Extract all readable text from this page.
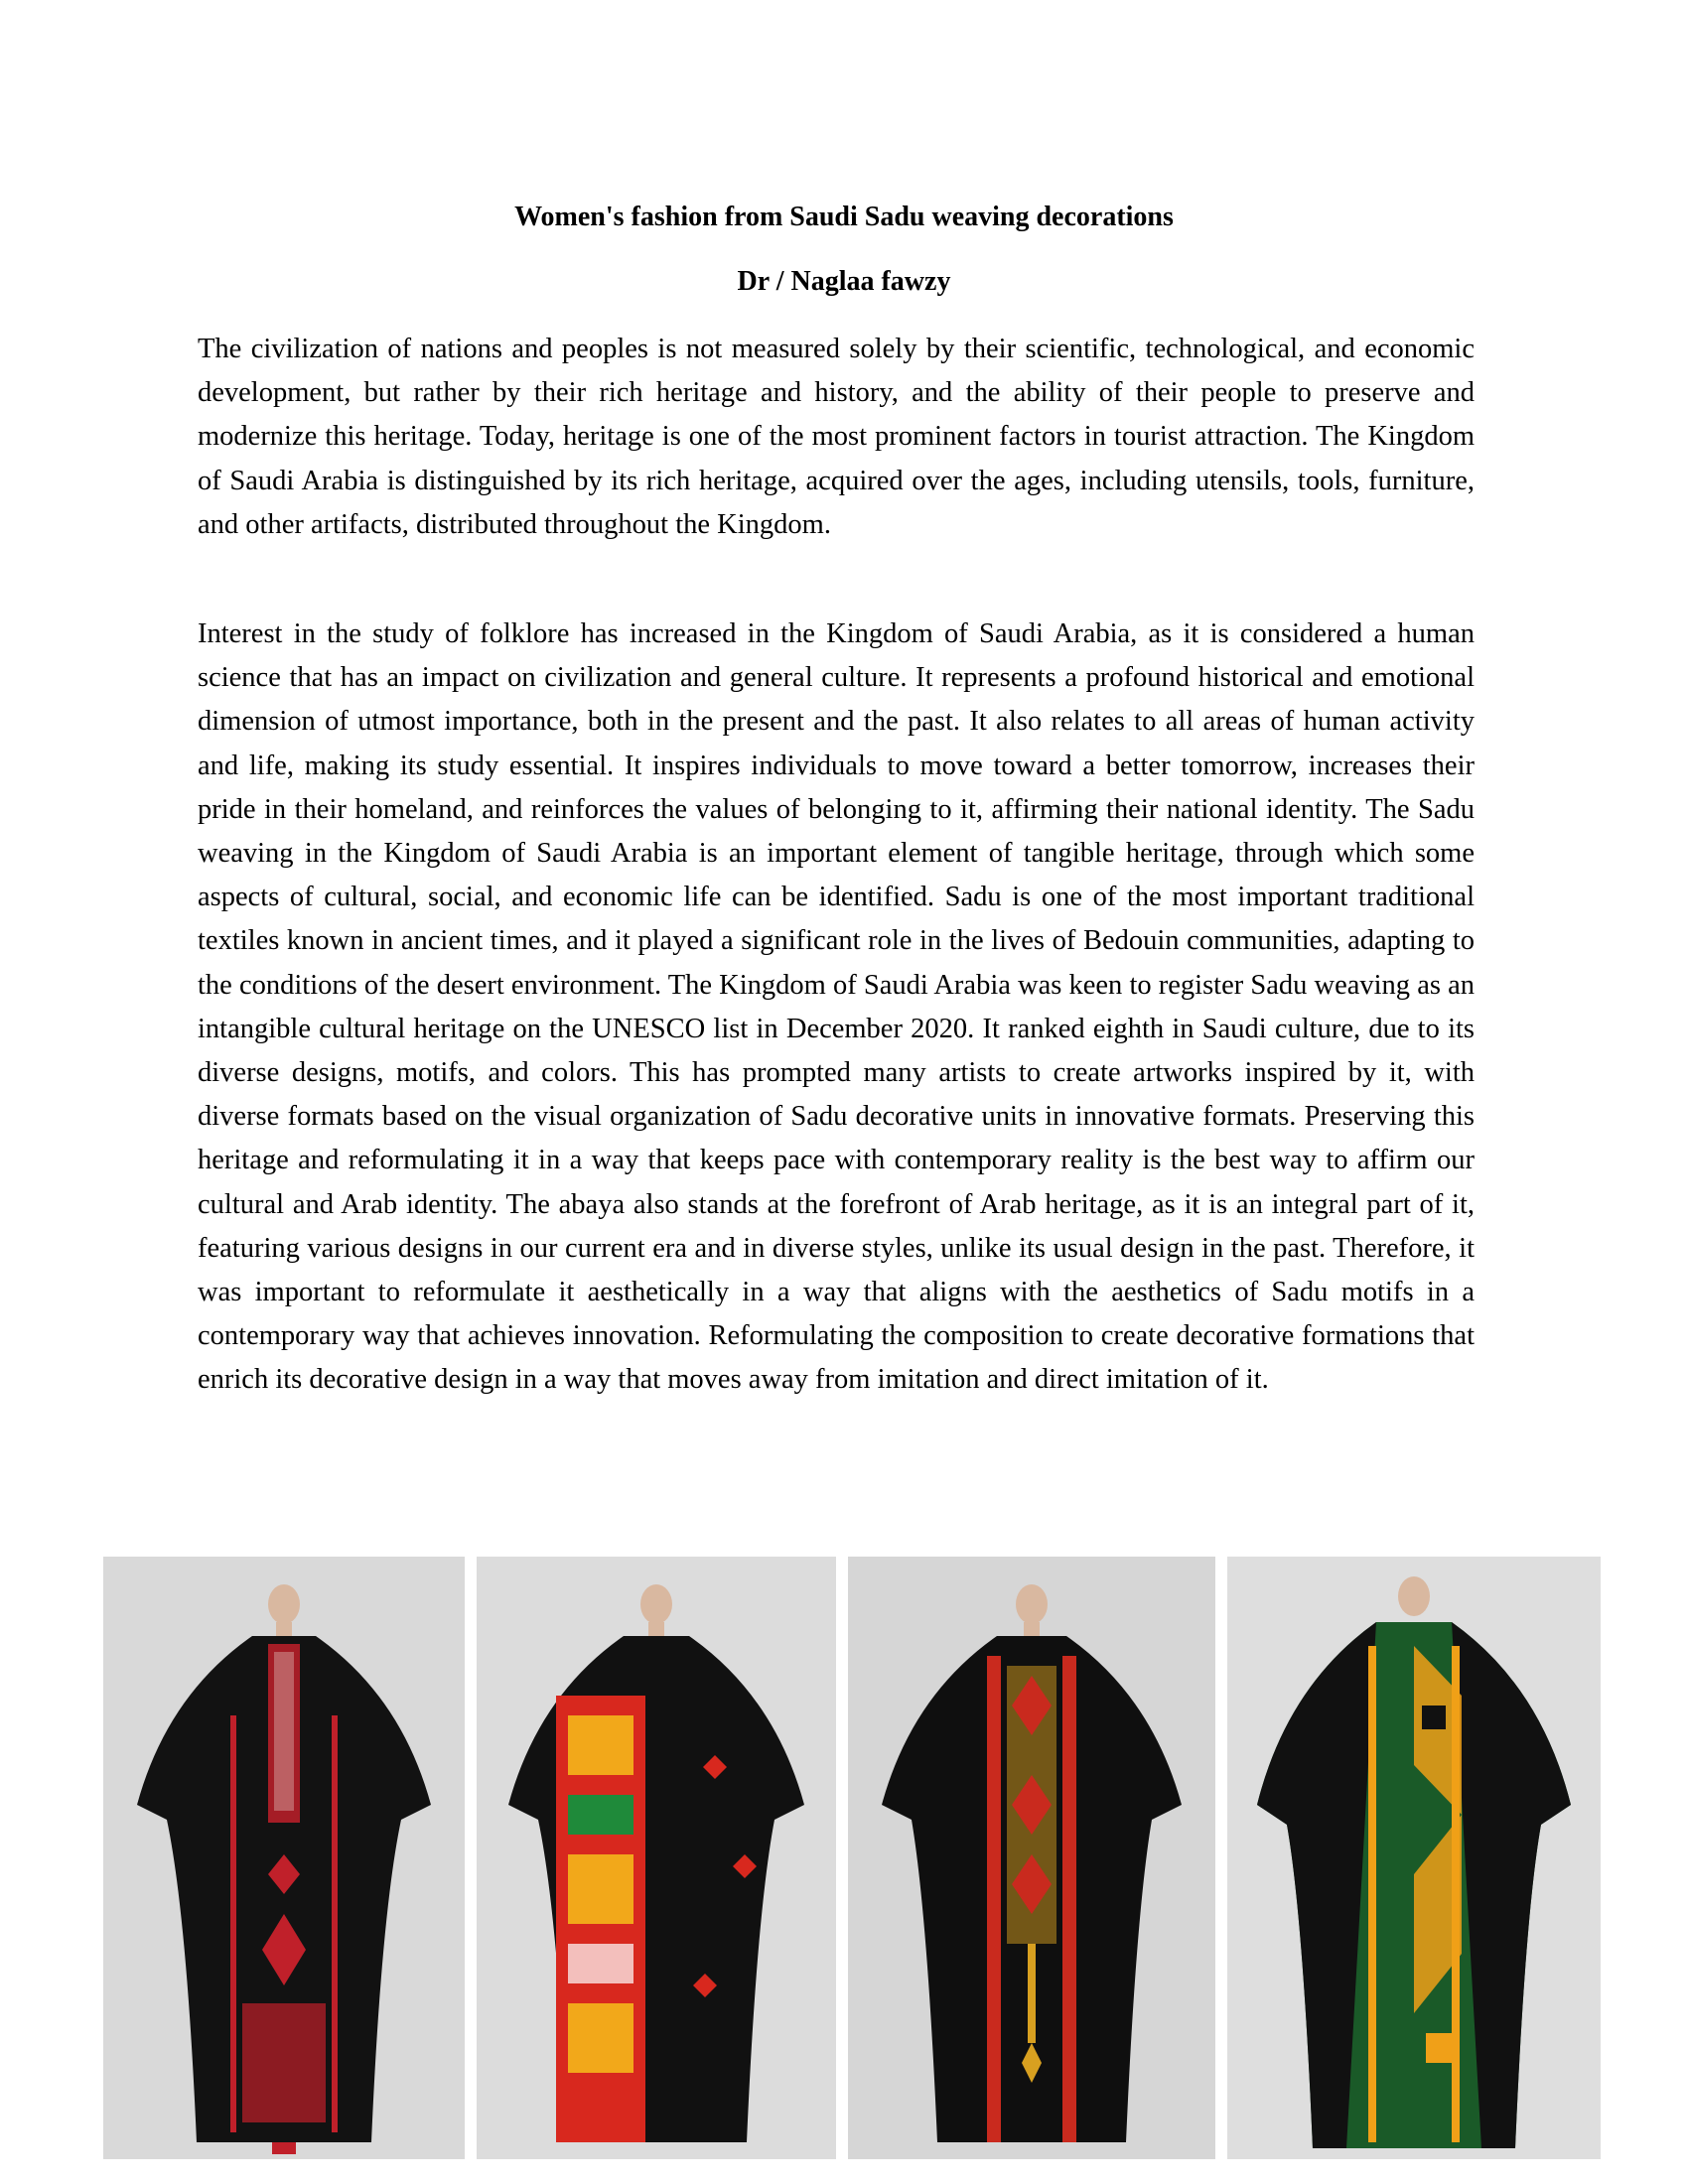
Women's fashion from Saudi Sadu weaving decorations
Dr / Naglaa fawzy

The civilization of nations and peoples is not measured solely by their scientific, technological, and economic development, but rather by their rich heritage and history, and the ability of their people to preserve and modernize this heritage. Today, heritage is one of the most prominent factors in tourist attraction. The Kingdom of Saudi Arabia is distinguished by its rich heritage, acquired over the ages, including utensils, tools, furniture, and other artifacts, distributed throughout the Kingdom.

Interest in the study of folklore has increased in the Kingdom of Saudi Arabia, as it is considered a human science that has an impact on civilization and general culture. It represents a profound historical and emotional dimension of utmost importance, both in the present and the past. It also relates to all areas of human activity and life, making its study essential. It inspires individuals to move toward a better tomorrow, increases their pride in their homeland, and reinforces the values of belonging to it, affirming their national identity. The Sadu weaving in the Kingdom of Saudi Arabia is an important element of tangible heritage, through which some aspects of cultural, social, and economic life can be identified. Sadu is one of the most important traditional textiles known in ancient times, and it played a significant role in the lives of Bedouin communities, adapting to the conditions of the desert environment. The Kingdom of Saudi Arabia was keen to register Sadu weaving as an intangible cultural heritage on the UNESCO list in December 2020. It ranked eighth in Saudi culture, due to its diverse designs, motifs, and colors. This has prompted many artists to create artworks inspired by it, with diverse formats based on the visual organization of Sadu decorative units in innovative formats. Preserving this heritage and reformulating it in a way that keeps pace with contemporary reality is the best way to affirm our cultural and Arab identity. The abaya also stands at the forefront of Arab heritage, as it is an integral part of it, featuring various designs in our current era and in diverse styles, unlike its usual design in the past. Therefore, it was important to reformulate it aesthetically in a way that aligns with the aesthetics of Sadu motifs in a contemporary way that achieves innovation. Reformulating the composition to create decorative formations that enrich its decorative design in a way that moves away from imitation and direct imitation of it.
